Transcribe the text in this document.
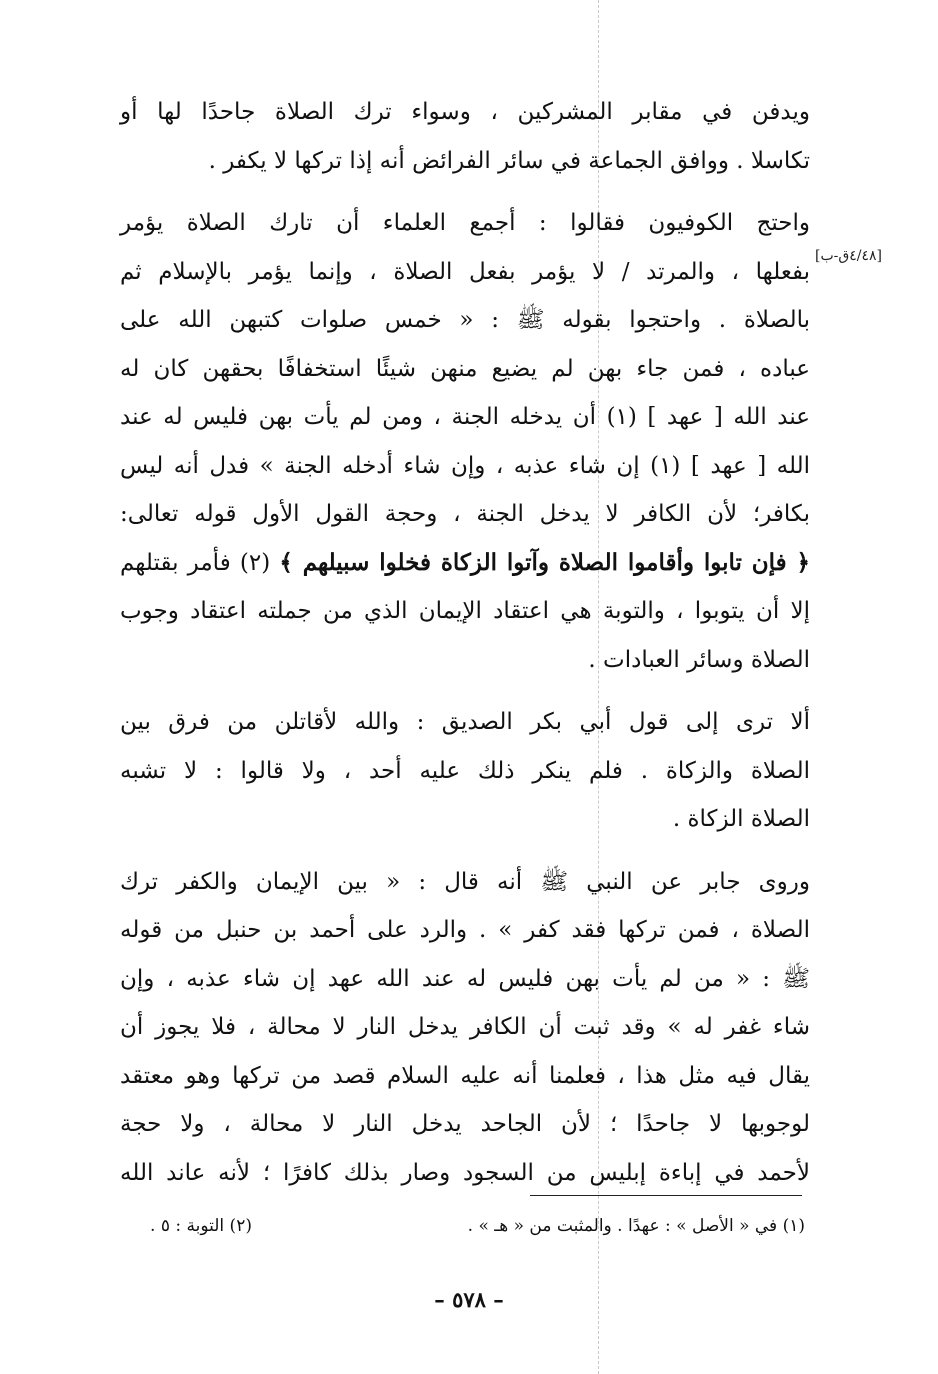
[٤/٤٨ق-ب]
ويدفن في مقابر المشركين ، وسواء ترك الصلاة جاحدًا لها أو
تكاسلا . ووافق الجماعة في سائر الفرائض أنه إذا تركها لا يكفر .
واحتج الكوفيون فقالوا : أجمع العلماء أن تارك الصلاة يؤمر
بفعلها ، والمرتد / لا يؤمر بفعل الصلاة ، وإنما يؤمر بالإسلام ثم
بالصلاة . واحتجوا بقوله ﷺ : « خمس صلوات كتبهن الله على
عباده ، فمن جاء بهن لم يضيع منهن شيئًا استخفافًا بحقهن كان له
عند الله [ عهد ] (١) أن يدخله الجنة ، ومن لم يأت بهن فليس له عند
الله [ عهد ] (١) إن شاء عذبه ، وإن شاء أدخله الجنة » فدل أنه ليس
بكافر؛ لأن الكافر لا يدخل الجنة ، وحجة القول الأول قوله تعالى:
﴿ فإن تابوا وأقاموا الصلاة وآتوا الزكاة فخلوا سبيلهم ﴾ (٢) فأمر بقتلهم
إلا أن يتوبوا ، والتوبة هي اعتقاد الإيمان الذي من جملته اعتقاد وجوب
الصلاة وسائر العبادات .
ألا ترى إلى قول أبي بكر الصديق : والله لأقاتلن من فرق بين
الصلاة والزكاة . فلم ينكر ذلك عليه أحد ، ولا قالوا : لا تشبه
الصلاة الزكاة .
وروى جابر عن النبي ﷺ أنه قال : « بين الإيمان والكفر ترك
الصلاة ، فمن تركها فقد كفر » . والرد على أحمد بن حنبل من قوله
ﷺ : « من لم يأت بهن فليس له عند الله عهد إن شاء عذبه ، وإن
شاء غفر له » وقد ثبت أن الكافر يدخل النار لا محالة ، فلا يجوز أن
يقال فيه مثل هذا ، فعلمنا أنه عليه السلام قصد من تركها وهو معتقد
لوجوبها لا جاحدًا ؛ لأن الجاحد يدخل النار لا محالة ، ولا حجة
لأحمد في إباءة إبليس من السجود وصار بذلك كافرًا ؛ لأنه عاند الله
(١) في « الأصل » : عهدًا . والمثبت من « هـ » .
(٢) التوبة : ٥ .
– ٥٧٨ –
